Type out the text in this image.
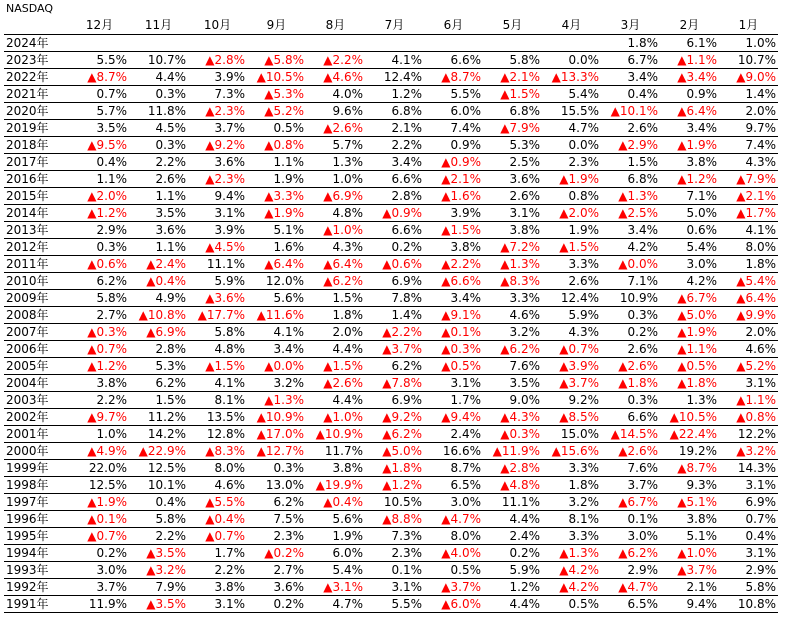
NASDAQ
	12月	11月	10月	9月	8月	7月	6月	5月	4月	3月	2月	1月
2024年										1.8%	6.1%	1.0%
2023年	5.5%	10.7%	▲2.8%	▲5.8%	▲2.2%	4.1%	6.6%	5.8%	0.0%	6.7%	▲1.1%	10.7%
2022年	▲8.7%	4.4%	3.9%	▲10.5%	▲4.6%	12.4%	▲8.7%	▲2.1%	▲13.3%	3.4%	▲3.4%	▲9.0%
2021年	0.7%	0.3%	7.3%	▲5.3%	4.0%	1.2%	5.5%	▲1.5%	5.4%	0.4%	0.9%	1.4%
2020年	5.7%	11.8%	▲2.3%	▲5.2%	9.6%	6.8%	6.0%	6.8%	15.5%	▲10.1%	▲6.4%	2.0%
2019年	3.5%	4.5%	3.7%	0.5%	▲2.6%	2.1%	7.4%	▲7.9%	4.7%	2.6%	3.4%	9.7%
2018年	▲9.5%	0.3%	▲9.2%	▲0.8%	5.7%	2.2%	0.9%	5.3%	0.0%	▲2.9%	▲1.9%	7.4%
2017年	0.4%	2.2%	3.6%	1.1%	1.3%	3.4%	▲0.9%	2.5%	2.3%	1.5%	3.8%	4.3%
2016年	1.1%	2.6%	▲2.3%	1.9%	1.0%	6.6%	▲2.1%	3.6%	▲1.9%	6.8%	▲1.2%	▲7.9%
2015年	▲2.0%	1.1%	9.4%	▲3.3%	▲6.9%	2.8%	▲1.6%	2.6%	0.8%	▲1.3%	7.1%	▲2.1%
2014年	▲1.2%	3.5%	3.1%	▲1.9%	4.8%	▲0.9%	3.9%	3.1%	▲2.0%	▲2.5%	5.0%	▲1.7%
2013年	2.9%	3.6%	3.9%	5.1%	▲1.0%	6.6%	▲1.5%	3.8%	1.9%	3.4%	0.6%	4.1%
2012年	0.3%	1.1%	▲4.5%	1.6%	4.3%	0.2%	3.8%	▲7.2%	▲1.5%	4.2%	5.4%	8.0%
2011年	▲0.6%	▲2.4%	11.1%	▲6.4%	▲6.4%	▲0.6%	▲2.2%	▲1.3%	3.3%	▲0.0%	3.0%	1.8%
2010年	6.2%	▲0.4%	5.9%	12.0%	▲6.2%	6.9%	▲6.6%	▲8.3%	2.6%	7.1%	4.2%	▲5.4%
2009年	5.8%	4.9%	▲3.6%	5.6%	1.5%	7.8%	3.4%	3.3%	12.4%	10.9%	▲6.7%	▲6.4%
2008年	2.7%	▲10.8%	▲17.7%	▲11.6%	1.8%	1.4%	▲9.1%	4.6%	5.9%	0.3%	▲5.0%	▲9.9%
2007年	▲0.3%	▲6.9%	5.8%	4.1%	2.0%	▲2.2%	▲0.1%	3.2%	4.3%	0.2%	▲1.9%	2.0%
2006年	▲0.7%	2.8%	4.8%	3.4%	4.4%	▲3.7%	▲0.3%	▲6.2%	▲0.7%	2.6%	▲1.1%	4.6%
2005年	▲1.2%	5.3%	▲1.5%	▲0.0%	▲1.5%	6.2%	▲0.5%	7.6%	▲3.9%	▲2.6%	▲0.5%	▲5.2%
2004年	3.8%	6.2%	4.1%	3.2%	▲2.6%	▲7.8%	3.1%	3.5%	▲3.7%	▲1.8%	▲1.8%	3.1%
2003年	2.2%	1.5%	8.1%	▲1.3%	4.4%	6.9%	1.7%	9.0%	9.2%	0.3%	1.3%	▲1.1%
2002年	▲9.7%	11.2%	13.5%	▲10.9%	▲1.0%	▲9.2%	▲9.4%	▲4.3%	▲8.5%	6.6%	▲10.5%	▲0.8%
2001年	1.0%	14.2%	12.8%	▲17.0%	▲10.9%	▲6.2%	2.4%	▲0.3%	15.0%	▲14.5%	▲22.4%	12.2%
2000年	▲4.9%	▲22.9%	▲8.3%	▲12.7%	11.7%	▲5.0%	16.6%	▲11.9%	▲15.6%	▲2.6%	19.2%	▲3.2%
1999年	22.0%	12.5%	8.0%	0.3%	3.8%	▲1.8%	8.7%	▲2.8%	3.3%	7.6%	▲8.7%	14.3%
1998年	12.5%	10.1%	4.6%	13.0%	▲19.9%	▲1.2%	6.5%	▲4.8%	1.8%	3.7%	9.3%	3.1%
1997年	▲1.9%	0.4%	▲5.5%	6.2%	▲0.4%	10.5%	3.0%	11.1%	3.2%	▲6.7%	▲5.1%	6.9%
1996年	▲0.1%	5.8%	▲0.4%	7.5%	5.6%	▲8.8%	▲4.7%	4.4%	8.1%	0.1%	3.8%	0.7%
1995年	▲0.7%	2.2%	▲0.7%	2.3%	1.9%	7.3%	8.0%	2.4%	3.3%	3.0%	5.1%	0.4%
1994年	0.2%	▲3.5%	1.7%	▲0.2%	6.0%	2.3%	▲4.0%	0.2%	▲1.3%	▲6.2%	▲1.0%	3.1%
1993年	3.0%	▲3.2%	2.2%	2.7%	5.4%	0.1%	0.5%	5.9%	▲4.2%	2.9%	▲3.7%	2.9%
1992年	3.7%	7.9%	3.8%	3.6%	▲3.1%	3.1%	▲3.7%	1.2%	▲4.2%	▲4.7%	2.1%	5.8%
1991年	11.9%	▲3.5%	3.1%	0.2%	4.7%	5.5%	▲6.0%	4.4%	0.5%	6.5%	9.4%	10.8%
